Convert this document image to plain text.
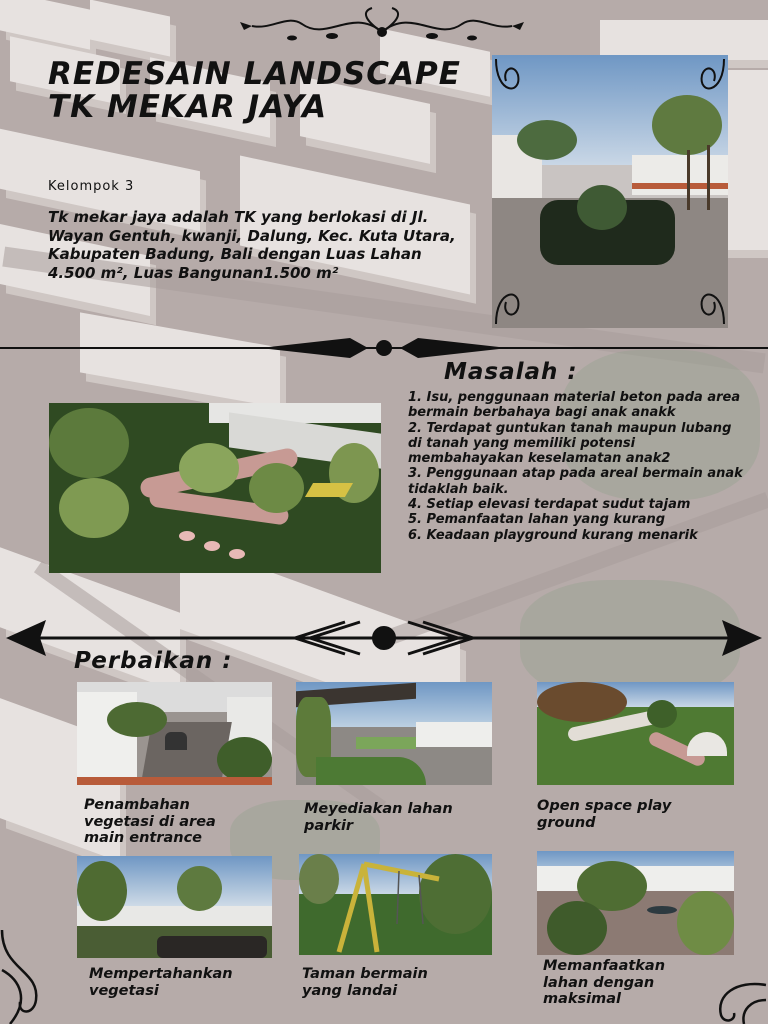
REDESAIN LANDSCAPE TK MEKAR JAYA
Kelompok 3

Tk mekar jaya adalah TK yang berlokasi di Jl. Wayan Gentuh, kwanji, Dalung, Kec. Kuta Utara, Kabupaten Badung, Bali dengan Luas Lahan 4.500 m², Luas Bangunan1.500 m²

Masalah :
1. Isu, penggunaan material beton pada area bermain berbahaya bagi anak anakk
2. Terdapat guntukan tanah maupun lubang di tanah yang memiliki potensi membahayakan keselamatan anak2
3. Penggunaan atap pada areal bermain anak tidaklah baik.
4. Setiap elevasi terdapat sudut tajam
5. Pemanfaatan lahan yang kurang
6. Keadaan playground kurang menarik
Perbaikan :
Penambahan vegetasi di area main entrance
Meyediakan lahan parkir
Open space play ground
Mempertahankan vegetasi
Taman bermain yang landai
Memanfaatkan lahan dengan maksimal
